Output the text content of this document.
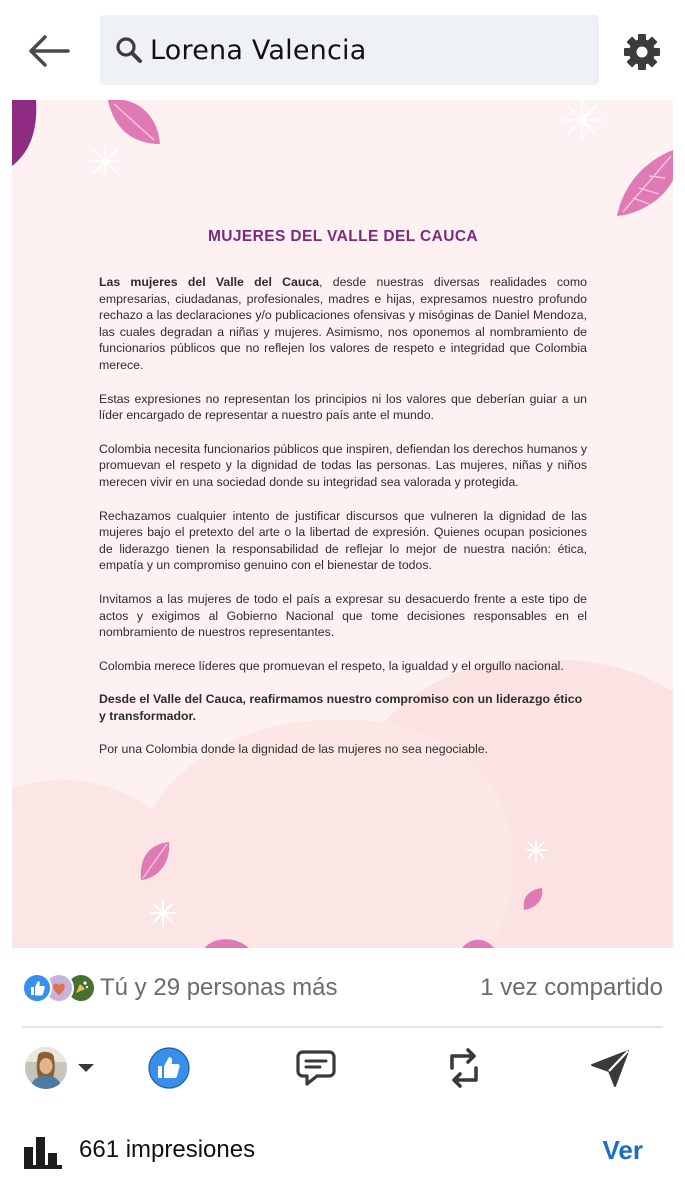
Lorena Valencia
MUJERES DEL VALLE DEL CAUCA

Las mujeres del Valle del Cauca, desde nuestras diversas realidades como empresarias, ciudadanas, profesionales, madres e hijas, expresamos nuestro profundo rechazo a las declaraciones y/o publicaciones ofensivas y misóginas de Daniel Mendoza, las cuales degradan a niñas y mujeres. Asimismo, nos oponemos al nombramiento de funcionarios públicos que no reflejen los valores de respeto e integridad que Colombia merece.

Estas expresiones no representan los principios ni los valores que deberían guiar a un líder encargado de representar a nuestro país ante el mundo.

Colombia necesita funcionarios públicos que inspiren, defiendan los derechos humanos y promuevan el respeto y la dignidad de todas las personas. Las mujeres, niñas y niños merecen vivir en una sociedad donde su integridad sea valorada y protegida.

Rechazamos cualquier intento de justificar discursos que vulneren la dignidad de las mujeres bajo el pretexto del arte o la libertad de expresión. Quienes ocupan posiciones de liderazgo tienen la responsabilidad de reflejar lo mejor de nuestra nación: ética, empatía y un compromiso genuino con el bienestar de todos.

Invitamos a las mujeres de todo el país a expresar su desacuerdo frente a este tipo de actos y exigimos al Gobierno Nacional que tome decisiones responsables en el nombramiento de nuestros representantes.

Colombia merece líderes que promuevan el respeto, la igualdad y el orgullo nacional.

Desde el Valle del Cauca, reafirmamos nuestro compromiso con un liderazgo ético y transformador.

Por una Colombia donde la dignidad de las mujeres no sea negociable.

Tú y 29 personas más	1 vez compartido
661 impresiones	Ver
